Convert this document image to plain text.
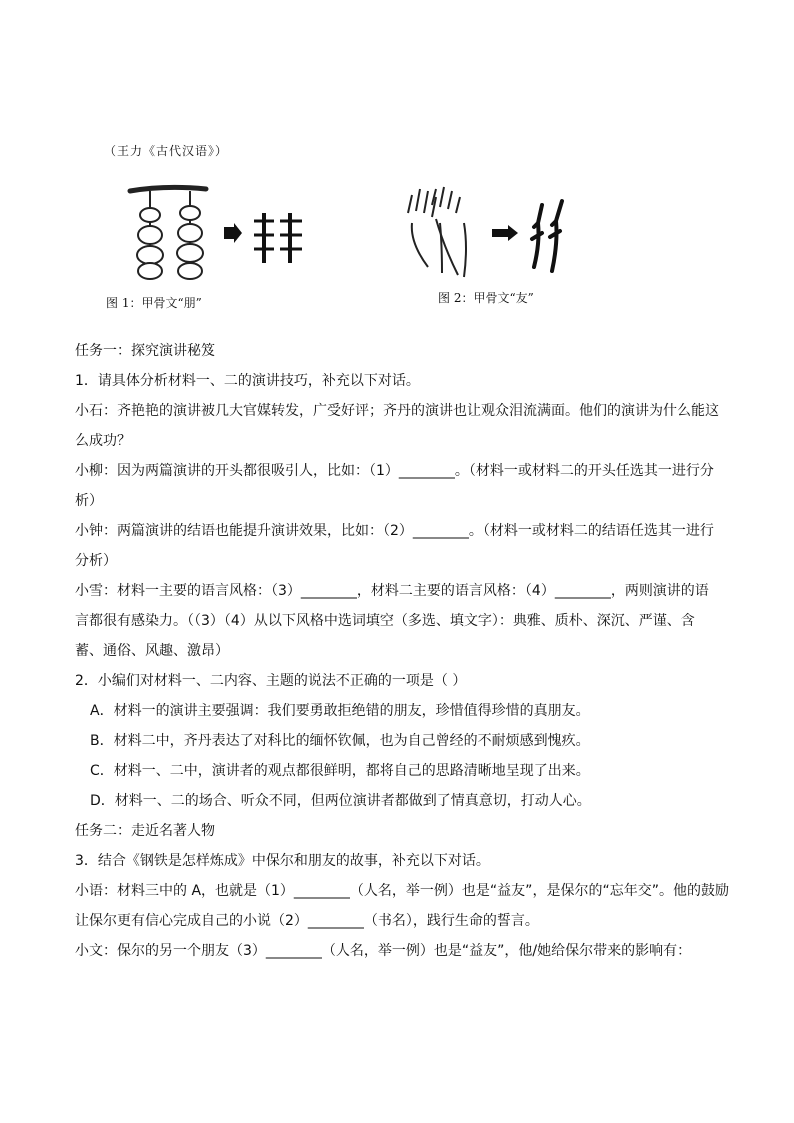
（王力《古代汉语》）
图 1：甲骨文“朋”	图 2：甲骨文“友”
任务一：探究演讲秘笈
1．请具体分析材料一、二的演讲技巧，补充以下对话。
小石：齐艳艳的演讲被几大官媒转发，广受好评；齐丹的演讲也让观众泪流满面。他们的演讲为什么能这
么成功？
小柳：因为两篇演讲的开头都很吸引人，比如：（1）________。（材料一或材料二的开头任选其一进行分
析）
小钟：两篇演讲的结语也能提升演讲效果，比如：（2）________。（材料一或材料二的结语任选其一进行
分析）
小雪：材料一主要的语言风格：（3）________，材料二主要的语言风格：（4）________，两则演讲的语
言都很有感染力。（（3）（4）从以下风格中选词填空（多选、填文字）：典雅、质朴、深沉、严谨、含
蓄、通俗、风趣、激昂）
2．小编们对材料一、二内容、主题的说法不正确的一项是（ ）
A．材料一的演讲主要强调：我们要勇敢拒绝错的朋友，珍惜值得珍惜的真朋友。
B．材料二中，齐丹表达了对科比的缅怀钦佩，也为自己曾经的不耐烦感到愧疚。
C．材料一、二中，演讲者的观点都很鲜明，都将自己的思路清晰地呈现了出来。
D．材料一、二的场合、听众不同，但两位演讲者都做到了情真意切，打动人心。
任务二：走近名著人物
3．结合《钢铁是怎样炼成》中保尔和朋友的故事，补充以下对话。
小语：材料三中的 A，也就是（1）________（人名，举一例）也是“益友”，是保尔的“忘年交”。他的鼓励
让保尔更有信心完成自己的小说（2）________（书名），践行生命的誓言。
小文：保尔的另一个朋友（3）________（人名，举一例）也是“益友”，他/她给保尔带来的影响有：
